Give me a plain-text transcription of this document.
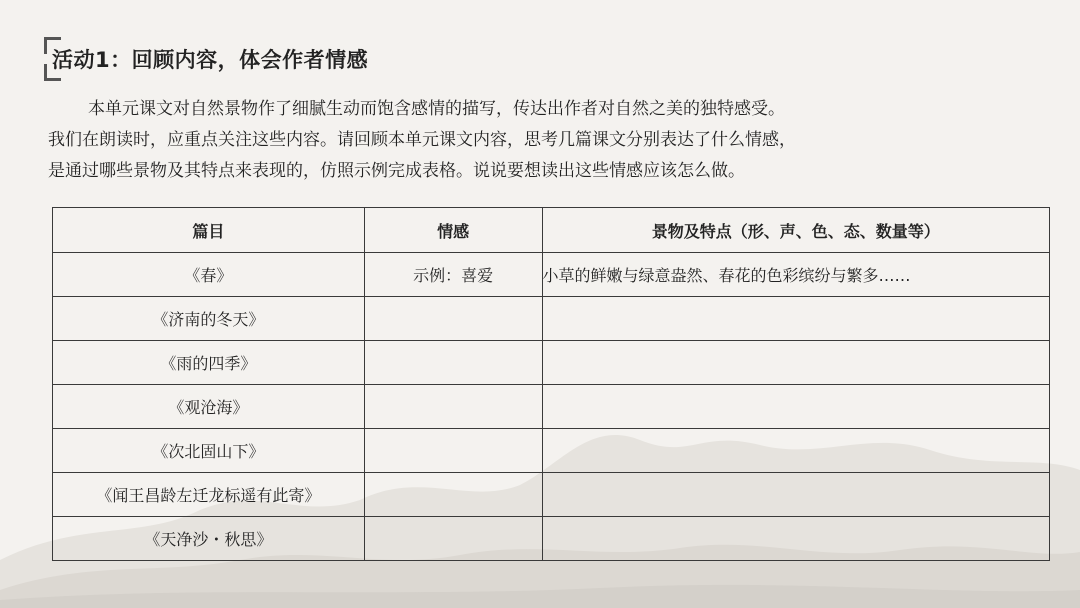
活动1：回顾内容，体会作者情感

本单元课文对自然景物作了细腻生动而饱含感情的描写，传达出作者对自然之美的独特感受。
我们在朗读时，应重点关注这些内容。请回顾本单元课文内容，思考几篇课文分别表达了什么情感，
是通过哪些景物及其特点来表现的，仿照示例完成表格。说说要想读出这些情感应该怎么做。

篇目	情感	景物及特点（形、声、色、态、数量等）
《春》	示例：喜爱	小草的鲜嫩与绿意盎然、春花的色彩缤纷与繁多……
《济南的冬天》		
《雨的四季》		
《观沧海》		
《次北固山下》		
《闻王昌龄左迁龙标遥有此寄》		
《天净沙・秋思》		
